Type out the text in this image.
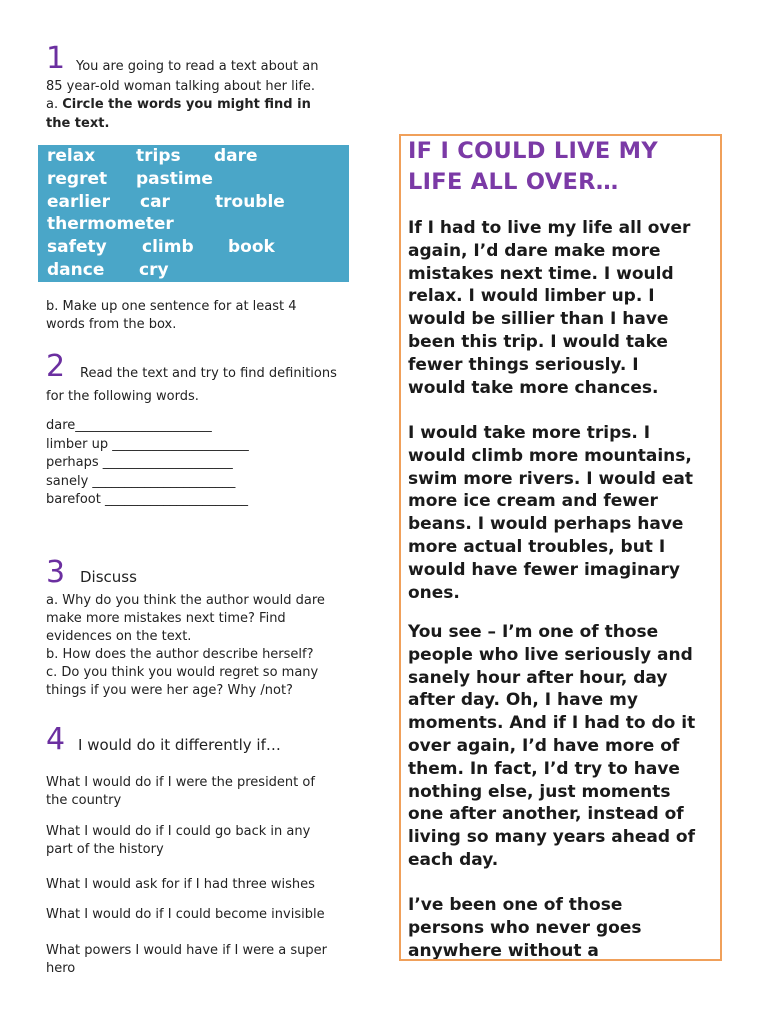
1 You are going to read a text about an
85 year-old woman talking about her life.
a. Circle the words you might find in
the text.
relax trips dare
regret pastime
earlier car	trouble
thermometer
safety climb book
dance cry
b. Make up one sentence for at least 4
words from the box.
2 Read the text and try to find definitions
for the following words.
dare_____________________
limber up _____________________
perhaps ____________________
sanely ______________________
barefoot ______________________
3 Discuss
a. Why do you think the author would dare
make more mistakes next time? Find
evidences on the text.
b. How does the author describe herself?
c. Do you think you would regret so many
things if you were her age? Why /not?
4 I would do it differently if…
What I would do if I were the president of
the country
What I would do if I could go back in any
part of the history
What I would ask for if I had three wishes
What I would do if I could become invisible
What powers I would have if I were a super
hero
IF I COULD LIVE MY
LIFE ALL OVER…
If I had to live my life all over
again, I’d dare make more
mistakes next time. I would
relax. I would limber up. I
would be sillier than I have
been this trip. I would take
fewer things seriously. I
would take more chances.
I would take more trips. I
would climb more mountains,
swim more rivers. I would eat
more ice cream and fewer
beans. I would perhaps have
more actual troubles, but I
would have fewer imaginary
ones.
You see – I’m one of those
people who live seriously and
sanely hour after hour, day
after day. Oh, I have my
moments. And if I had to do it
over again, I’d have more of
them. In fact, I’d try to have
nothing else, just moments
one after another, instead of
living so many years ahead of
each day.
I’ve been one of those
persons who never goes
anywhere without a
